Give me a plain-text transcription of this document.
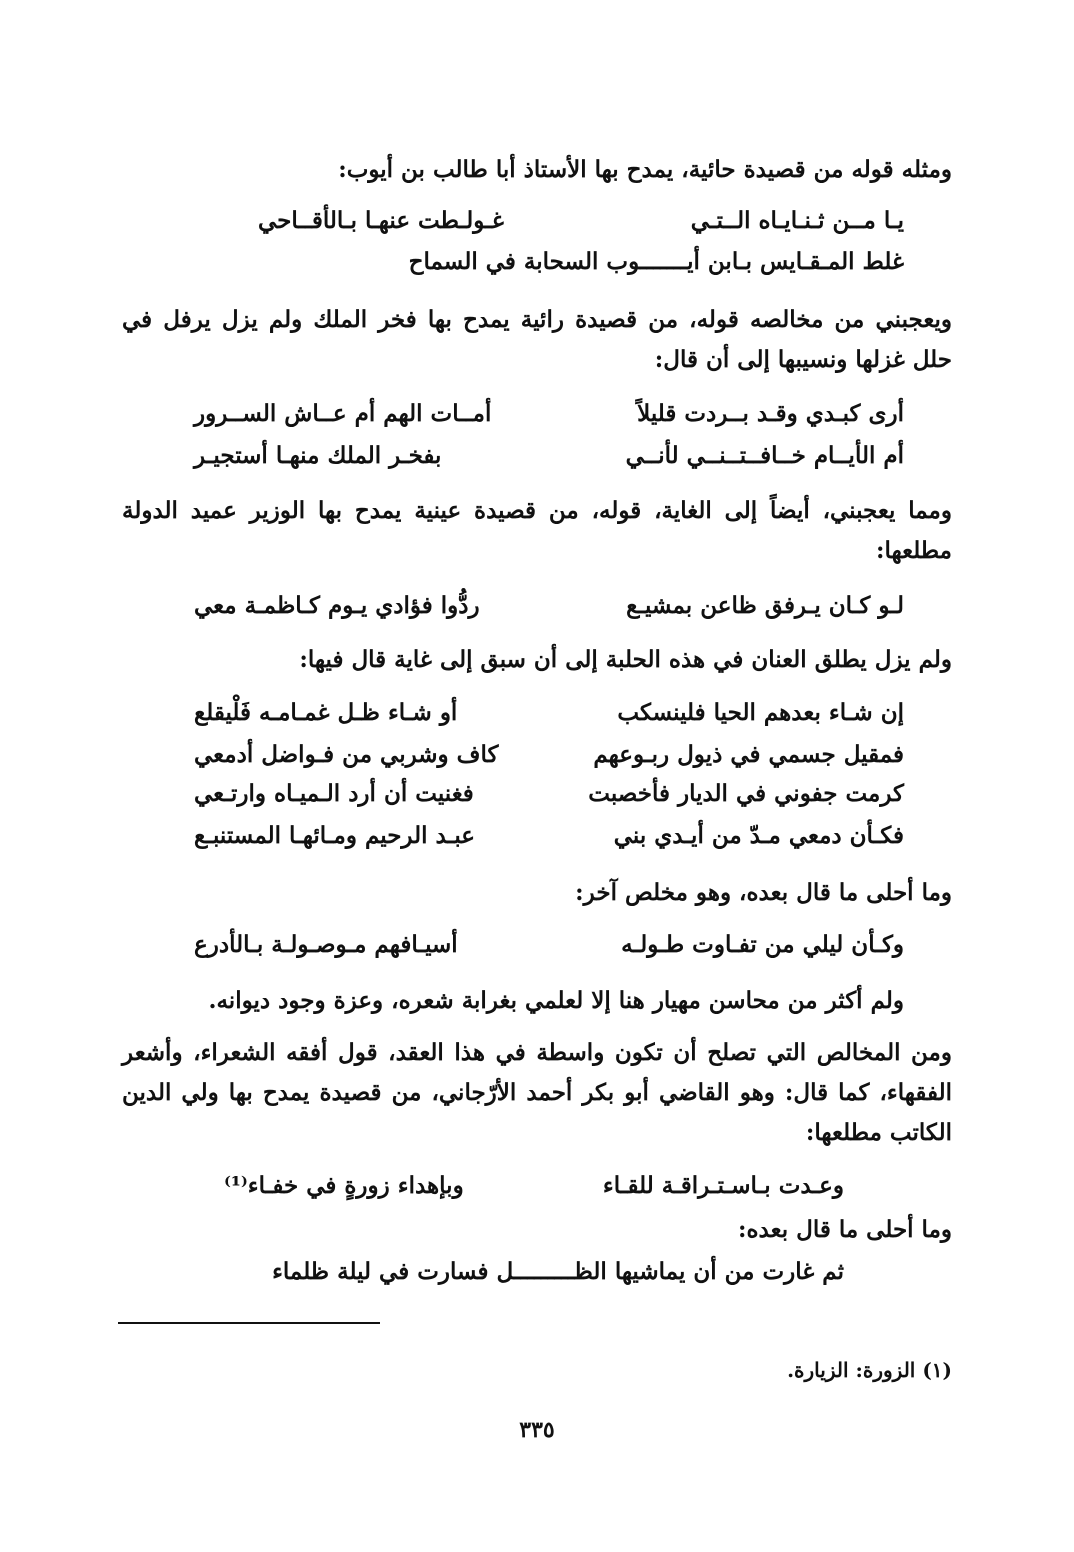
ومثله قوله من قصيدة حائية، يمدح بها الأستاذ أبا طالب بن أيوب:

يـا مــن ثـنـايـاه الــتـي
غـولـطت عنهـا بـالأقــاحي
غلط المـقـايس بـابن أيـــــــوب السحابة في السماح

ويعجبني من مخالصه قوله، من قصيدة رائية يمدح بها فخر الملك ولم يزل يرفل في حلل غزلها ونسيبها إلى أن قال:

أرى كبـدي وقـد بــردت قليلاً
أمــات الهم أم عــاش الســرور
أم الأيــام خــافــتــنــي لأنــي
بفخـر الملك منهـا أستجيـر

ومما يعجبني، أيضاً إلى الغاية، قوله، من قصيدة عينية يمدح بها الوزير عميد الدولة مطلعها:

لـو كـان يـرفق ظاعن بمشيـع
ردُّوا فؤادي يـوم كـاظمـة معي

ولم يزل يطلق العنان في هذه الحلبة إلى أن سبق إلى غاية قال فيها:

إن شـاء بعدهم الحيا فلينسكب
أو شـاء ظـل غمـامـه فَلْيقلع
فمقيل جسمي في ذيول ربـوعهم
كاف وشربي من فـواضل أدمعي
كرمت جفوني في الديار فأخصبت
فغنيت أن أرد الـميـاه وارتـعي
فكـأن دمعي مـدّ من أيـدي بني
عبـد الرحيم ومـائهـا المستنبـع

وما أحلى ما قال بعده، وهو مخلص آخر:

وكـأن ليلي من تفـاوت طـولـه
أسيـافهم مـوصـولـة بـالأدرع

ولم أكثر من محاسن مهيار هنا إلا لعلمي بغرابة شعره، وعزة وجود ديوانه.

ومن المخالص التي تصلح أن تكون واسطة في هذا العقد، قول أفقه الشعراء، وأشعر الفقهاء، كما قال: وهو القاضي أبو بكر أحمد الأرّجاني، من قصيدة يمدح بها ولي الدين الكاتب مطلعها:

وعـدت بـاسـتـراقـة للقـاء
وبإهداء زورةٍ في خفـاء⁽¹⁾

وما أحلى ما قال بعده:

ثم غارت من أن يماشيها الظـــــــــل فسارت في ليلة ظلماء
(١) الزورة: الزيارة.
٣٣٥
